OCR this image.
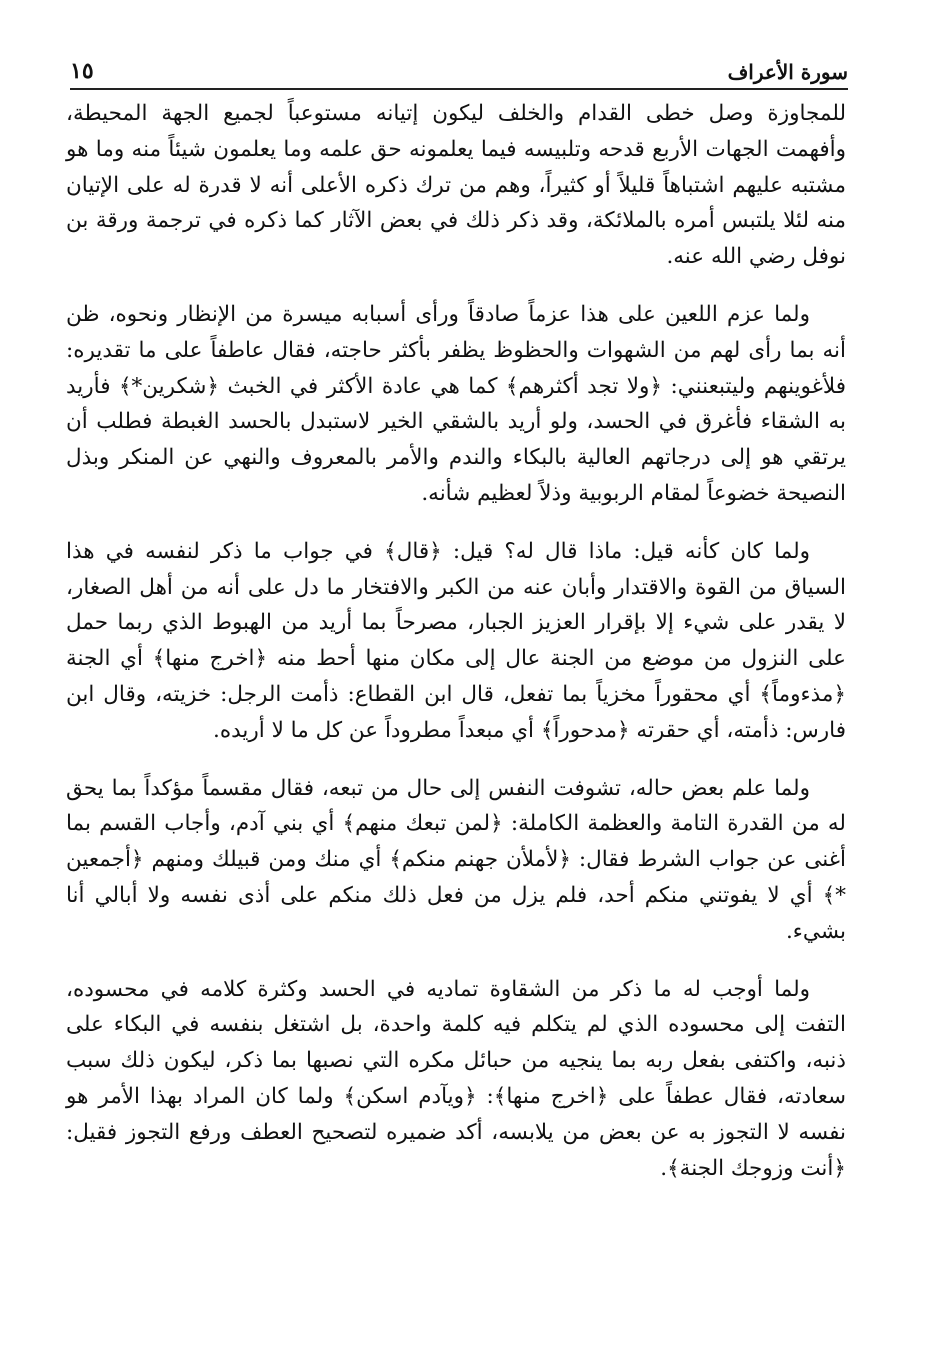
سورة الأعراف
١٥

للمجاوزة وصل خطى القدام والخلف ليكون إتيانه مستوعباً لجميع الجهة المحيطة، وأفهمت الجهات الأربع قدحه وتلبيسه فيما يعلمونه حق علمه وما يعلمون شيئاً منه وما هو مشتبه عليهم اشتباهاً قليلاً أو كثيراً، وهم من ترك ذكره الأعلى أنه لا قدرة له على الإتيان منه لئلا يلتبس أمره بالملائكة، وقد ذكر ذلك في بعض الآثار كما ذكره في ترجمة ورقة بن نوفل رضي الله عنه.

ولما عزم اللعين على هذا عزماً صادقاً ورأى أسبابه ميسرة من الإنظار ونحوه، ظن أنه بما رأى لهم من الشهوات والحظوظ يظفر بأكثر حاجته، فقال عاطفاً على ما تقديره: فلأغوينهم وليتبعنني: ﴿ولا تجد أكثرهم﴾ كما هي عادة الأكثر في الخبث ﴿شكرين*﴾ فأريد به الشقاء فأغرق في الحسد، ولو أريد بالشقي الخير لاستبدل بالحسد الغبطة فطلب أن يرتقي هو إلى درجاتهم العالية بالبكاء والندم والأمر بالمعروف والنهي عن المنكر وبذل النصيحة خضوعاً لمقام الربوبية وذلاً لعظيم شأنه.

ولما كان كأنه قيل: ماذا قال له؟ قيل: ﴿قال﴾ في جواب ما ذكر لنفسه في هذا السياق من القوة والاقتدار وأبان عنه من الكبر والافتخار ما دل على أنه من أهل الصغار، لا يقدر على شيء إلا بإقرار العزيز الجبار، مصرحاً بما أريد من الهبوط الذي ربما حمل على النزول من موضع من الجنة عال إلى مكان منها أحط منه ﴿اخرج منها﴾ أي الجنة ﴿مذءوماً﴾ أي محقوراً مخزياً بما تفعل، قال ابن القطاع: ذأمت الرجل: خزيته، وقال ابن فارس: ذأمته، أي حقرته ﴿مدحوراً﴾ أي مبعداً مطروداً عن كل ما لا أريده.

ولما علم بعض حاله، تشوفت النفس إلى حال من تبعه، فقال مقسماً مؤكداً بما يحق له من القدرة التامة والعظمة الكاملة: ﴿لمن تبعك منهم﴾ أي بني آدم، وأجاب القسم بما أغنى عن جواب الشرط فقال: ﴿لأملأن جهنم منكم﴾ أي منك ومن قبيلك ومنهم ﴿أجمعين *﴾ أي لا يفوتني منكم أحد، فلم يزل من فعل ذلك منكم على أذى نفسه ولا أبالي أنا بشيء.

ولما أوجب له ما ذكر من الشقاوة تماديه في الحسد وكثرة كلامه في محسوده، التفت إلى محسوده الذي لم يتكلم فيه كلمة واحدة، بل اشتغل بنفسه في البكاء على ذنبه، واكتفى بفعل ربه بما ينجيه من حبائل مكره التي نصبها بما ذكر، ليكون ذلك سبب سعادته، فقال عطفاً على ﴿اخرج منها﴾: ﴿ويآدم اسكن﴾ ولما كان المراد بهذا الأمر هو نفسه لا التجوز به عن بعض من يلابسه، أكد ضميره لتصحيح العطف ورفع التجوز فقيل: ﴿أنت وزوجك الجنة﴾.
